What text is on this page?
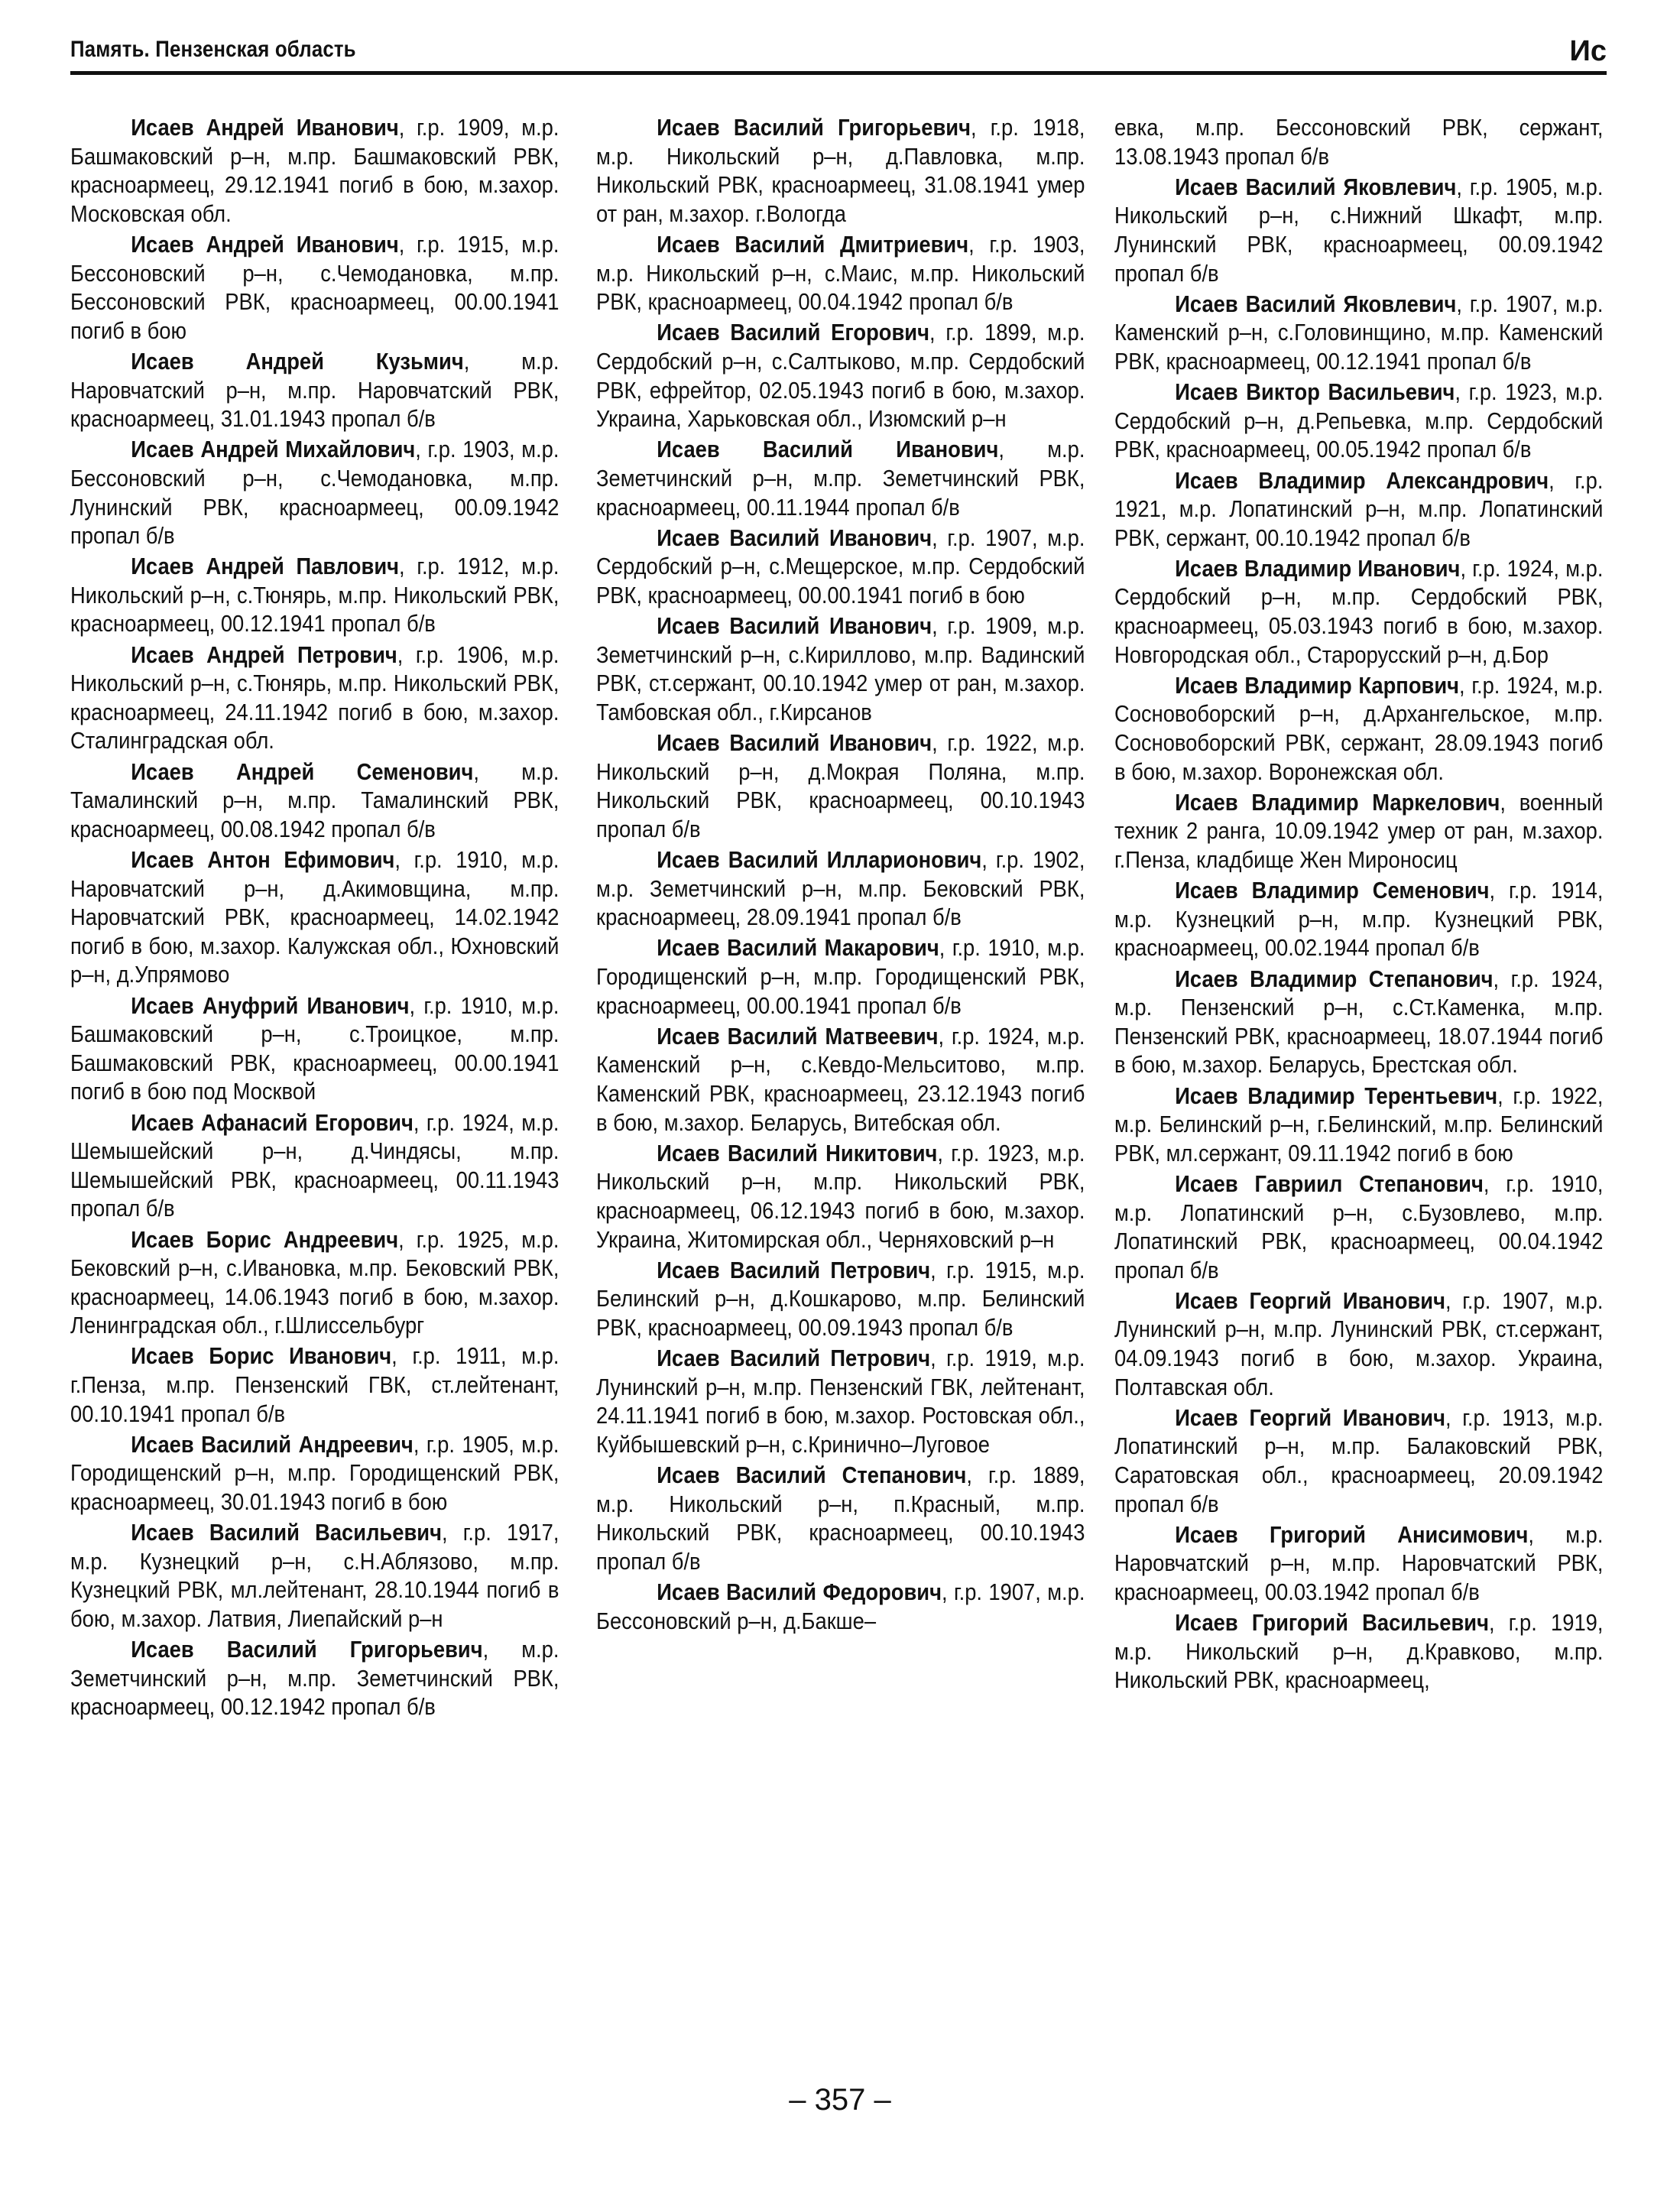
Память. Пензенская область	Ис

Исаев Андрей Иванович, г.р. 1909, м.р. Башмаковский р–н, м.пр. Башмаковский РВК, красноармеец, 29.12.1941 погиб в бою, м.захор. Московская обл.

Исаев Андрей Иванович, г.р. 1915, м.р. Бессоновский р–н, с.Чемодановка, м.пр. Бессоновский РВК, красноармеец, 00.00.1941 погиб в бою

Исаев Андрей Кузьмич, м.р. Наровчатский р–н, м.пр. Наровчатский РВК, красноармеец, 31.01.1943 пропал б/в

Исаев Андрей Михайлович, г.р. 1903, м.р. Бессоновский р–н, с.Чемодановка, м.пр. Лунинский РВК, красноармеец, 00.09.1942 пропал б/в

Исаев Андрей Павлович, г.р. 1912, м.р. Никольский р–н, с.Тюнярь, м.пр. Никольский РВК, красноармеец, 00.12.1941 пропал б/в

Исаев Андрей Петрович, г.р. 1906, м.р. Никольский р–н, с.Тюнярь, м.пр. Никольский РВК, красноармеец, 24.11.1942 погиб в бою, м.захор. Сталинградская обл.

Исаев Андрей Семенович, м.р. Тамалинский р–н, м.пр. Тамалинский РВК, красноармеец, 00.08.1942 пропал б/в

Исаев Антон Ефимович, г.р. 1910, м.р. Наровчатский р–н, д.Акимовщина, м.пр. Наровчатский РВК, красноармеец, 14.02.1942 погиб в бою, м.захор. Калужская обл., Юхновский р–н, д.Упрямово

Исаев Ануфрий Иванович, г.р. 1910, м.р. Башмаковский р–н, с.Троицкое, м.пр. Башмаковский РВК, красноармеец, 00.00.1941 погиб в бою под Москвой

Исаев Афанасий Егорович, г.р. 1924, м.р. Шемышейский р–н, д.Чиндясы, м.пр. Шемышейский РВК, красноармеец, 00.11.1943 пропал б/в

Исаев Борис Андреевич, г.р. 1925, м.р. Бековский р–н, с.Ивановка, м.пр. Бековский РВК, красноармеец, 14.06.1943 погиб в бою, м.захор. Ленинградская обл., г.Шлиссельбург

Исаев Борис Иванович, г.р. 1911, м.р. г.Пенза, м.пр. Пензенский ГВК, ст.лейтенант, 00.10.1941 пропал б/в

Исаев Василий Андреевич, г.р. 1905, м.р. Городищенский р–н, м.пр. Городищенский РВК, красноармеец, 30.01.1943 погиб в бою

Исаев Василий Васильевич, г.р. 1917, м.р. Кузнецкий р–н, с.Н.Аблязово, м.пр. Кузнецкий РВК, мл.лейтенант, 28.10.1944 погиб в бою, м.захор. Латвия, Лиепайский р–н

Исаев Василий Григорьевич, м.р. Земетчинский р–н, м.пр. Земетчинский РВК, красноармеец, 00.12.1942 пропал б/в

Исаев Василий Григорьевич, г.р. 1918, м.р. Никольский р–н, д.Павловка, м.пр. Никольский РВК, красноармеец, 31.08.1941 умер от ран, м.захор. г.Вологда

Исаев Василий Дмитриевич, г.р. 1903, м.р. Никольский р–н, с.Маис, м.пр. Никольский РВК, красноармеец, 00.04.1942 пропал б/в

Исаев Василий Егорович, г.р. 1899, м.р. Сердобский р–н, с.Салтыково, м.пр. Сердобский РВК, ефрейтор, 02.05.1943 погиб в бою, м.захор. Украина, Харьковская обл., Изюмский р–н

Исаев Василий Иванович, м.р. Земетчинский р–н, м.пр. Земетчинский РВК, красноармеец, 00.11.1944 пропал б/в

Исаев Василий Иванович, г.р. 1907, м.р. Сердобский р–н, с.Мещерское, м.пр. Сердобский РВК, красноармеец, 00.00.1941 погиб в бою

Исаев Василий Иванович, г.р. 1909, м.р. Земетчинский р–н, с.Кириллово, м.пр. Вадинский РВК, ст.сержант, 00.10.1942 умер от ран, м.захор. Тамбовская обл., г.Кирсанов

Исаев Василий Иванович, г.р. 1922, м.р. Никольский р–н, д.Мокрая Поляна, м.пр. Никольский РВК, красноармеец, 00.10.1943 пропал б/в

Исаев Василий Илларионович, г.р. 1902, м.р. Земетчинский р–н, м.пр. Бековский РВК, красноармеец, 28.09.1941 пропал б/в

Исаев Василий Макарович, г.р. 1910, м.р. Городищенский р–н, м.пр. Городищенский РВК, красноармеец, 00.00.1941 пропал б/в

Исаев Василий Матвеевич, г.р. 1924, м.р. Каменский р–н, с.Кевдо-Мельситово, м.пр. Каменский РВК, красноармеец, 23.12.1943 погиб в бою, м.захор. Беларусь, Витебская обл.

Исаев Василий Никитович, г.р. 1923, м.р. Никольский р–н, м.пр. Никольский РВК, красноармеец, 06.12.1943 погиб в бою, м.захор. Украина, Житомирская обл., Черняховский р–н

Исаев Василий Петрович, г.р. 1915, м.р. Белинский р–н, д.Кошкарово, м.пр. Белинский РВК, красноармеец, 00.09.1943 пропал б/в

Исаев Василий Петрович, г.р. 1919, м.р. Лунинский р–н, м.пр. Пензенский ГВК, лейтенант, 24.11.1941 погиб в бою, м.захор. Ростовская обл., Куйбышевский р–н, с.Кринично–Луговое

Исаев Василий Степанович, г.р. 1889, м.р. Никольский р–н, п.Красный, м.пр. Никольский РВК, красноармеец, 00.10.1943 пропал б/в

Исаев Василий Федорович, г.р. 1907, м.р. Бессоновский р–н, д.Бакше–

евка, м.пр. Бессоновский РВК, сержант, 13.08.1943 пропал б/в

Исаев Василий Яковлевич, г.р. 1905, м.р. Никольский р–н, с.Нижний Шкафт, м.пр. Лунинский РВК, красноармеец, 00.09.1942 пропал б/в

Исаев Василий Яковлевич, г.р. 1907, м.р. Каменский р–н, с.Головинщино, м.пр. Каменский РВК, красноармеец, 00.12.1941 пропал б/в

Исаев Виктор Васильевич, г.р. 1923, м.р. Сердобский р–н, д.Репьевка, м.пр. Сердобский РВК, красноармеец, 00.05.1942 пропал б/в

Исаев Владимир Александрович, г.р. 1921, м.р. Лопатинский р–н, м.пр. Лопатинский РВК, сержант, 00.10.1942 пропал б/в

Исаев Владимир Иванович, г.р. 1924, м.р. Сердобский р–н, м.пр. Сердобский РВК, красноармеец, 05.03.1943 погиб в бою, м.захор. Новгородская обл., Старорусский р–н, д.Бор

Исаев Владимир Карпович, г.р. 1924, м.р. Сосновоборский р–н, д.Архангельское, м.пр. Сосновоборский РВК, сержант, 28.09.1943 погиб в бою, м.захор. Воронежская обл.

Исаев Владимир Маркелович, военный техник 2 ранга, 10.09.1942 умер от ран, м.захор. г.Пенза, кладбище Жен Мироносиц

Исаев Владимир Семенович, г.р. 1914, м.р. Кузнецкий р–н, м.пр. Кузнецкий РВК, красноармеец, 00.02.1944 пропал б/в

Исаев Владимир Степанович, г.р. 1924, м.р. Пензенский р–н, с.Ст.Каменка, м.пр. Пензенский РВК, красноармеец, 18.07.1944 погиб в бою, м.захор. Беларусь, Брестская обл.

Исаев Владимир Терентьевич, г.р. 1922, м.р. Белинский р–н, г.Белинский, м.пр. Белинский РВК, мл.сержант, 09.11.1942 погиб в бою

Исаев Гавриил Степанович, г.р. 1910, м.р. Лопатинский р–н, с.Бузовлево, м.пр. Лопатинский РВК, красноармеец, 00.04.1942 пропал б/в

Исаев Георгий Иванович, г.р. 1907, м.р. Лунинский р–н, м.пр. Лунинский РВК, ст.сержант, 04.09.1943 погиб в бою, м.захор. Украина, Полтавская обл.

Исаев Георгий Иванович, г.р. 1913, м.р. Лопатинский р–н, м.пр. Балаковский РВК, Саратовская обл., красноармеец, 20.09.1942 пропал б/в

Исаев Григорий Анисимович, м.р. Наровчатский р–н, м.пр. Наровчатский РВК, красноармеец, 00.03.1942 пропал б/в

Исаев Григорий Васильевич, г.р. 1919, м.р. Никольский р–н, д.Кравково, м.пр. Никольский РВК, красноармеец,

– 357 –
